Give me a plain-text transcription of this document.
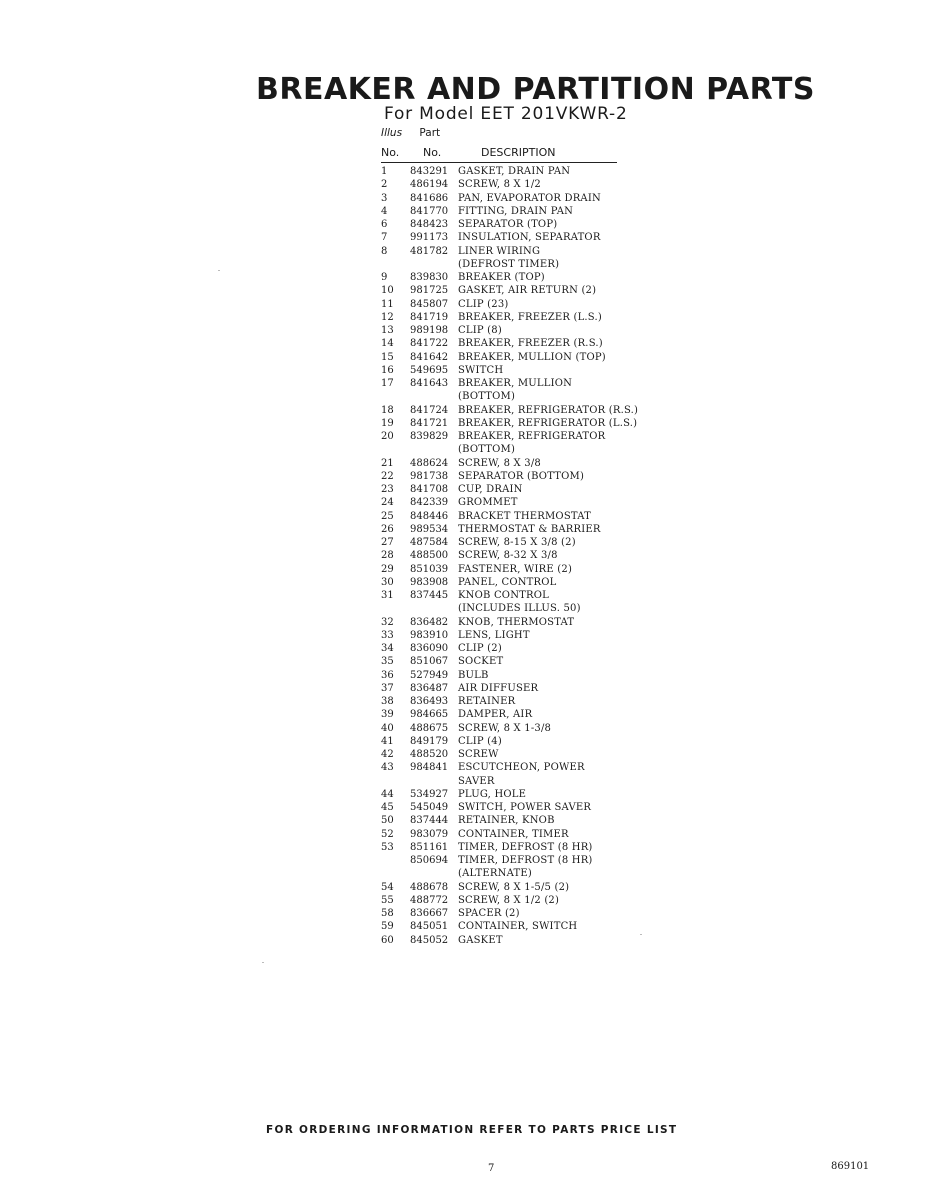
BREAKER AND PARTITION PARTS
For Model EET 201VKWR-2
Illus Part
No. No.	DESCRIPTION
1	843291 GASKET, DRAIN PAN
2	486194 SCREW, 8 X 1/2
3	841686 PAN, EVAPORATOR DRAIN
4	841770 FITTING, DRAIN PAN
6	848423 SEPARATOR (TOP)
7	991173 INSULATION, SEPARATOR
8	481782 LINER WIRING
(DEFROST TIMER)
9	839830 BREAKER (TOP)
10	981725 GASKET, AIR RETURN (2)
11	845807 CLIP (23)
12	841719 BREAKER, FREEZER (L.S.)
13	989198 CLIP (8)
14	841722 BREAKER, FREEZER (R.S.)
15	841642 BREAKER, MULLION (TOP)
16	549695 SWITCH
17	841643 BREAKER, MULLION
(BOTTOM)
18	841724 BREAKER, REFRIGERATOR (R.S.)
19	841721 BREAKER, REFRIGERATOR (L.S.)
20	839829 BREAKER, REFRIGERATOR
(BOTTOM)
21	488624 SCREW, 8 X 3/8
22	981738 SEPARATOR (BOTTOM)
23	841708 CUP, DRAIN
24	842339 GROMMET
25	848446 BRACKET THERMOSTAT
26	989534 THERMOSTAT & BARRIER
27	487584 SCREW, 8-15 X 3/8 (2)
28	488500 SCREW, 8-32 X 3/8
29	851039 FASTENER, WIRE (2)
30	983908 PANEL, CONTROL
31	837445 KNOB CONTROL
(INCLUDES ILLUS. 50)
32	836482 KNOB, THERMOSTAT
33	983910 LENS, LIGHT
34	836090 CLIP (2)
35	851067 SOCKET
36	527949 BULB
37	836487 AIR DIFFUSER
38	836493 RETAINER
39	984665 DAMPER, AIR
40	488675 SCREW, 8 X 1-3/8
41	849179 CLIP (4)
42	488520 SCREW
43	984841 ESCUTCHEON, POWER
SAVER
44	534927 PLUG, HOLE
45	545049 SWITCH, POWER SAVER
50	837444 RETAINER, KNOB
52	983079 CONTAINER, TIMER
53	851161 TIMER, DEFROST (8 HR)
850694 TIMER, DEFROST (8 HR)
(ALTERNATE)
54	488678 SCREW, 8 X 1-5/5 (2)
55	488772 SCREW, 8 X 1/2 (2)
58	836667 SPACER (2)
59	845051 CONTAINER, SWITCH
60	845052 GASKET
FOR ORDERING INFORMATION REFER TO PARTS PRICE LIST
7	869101
